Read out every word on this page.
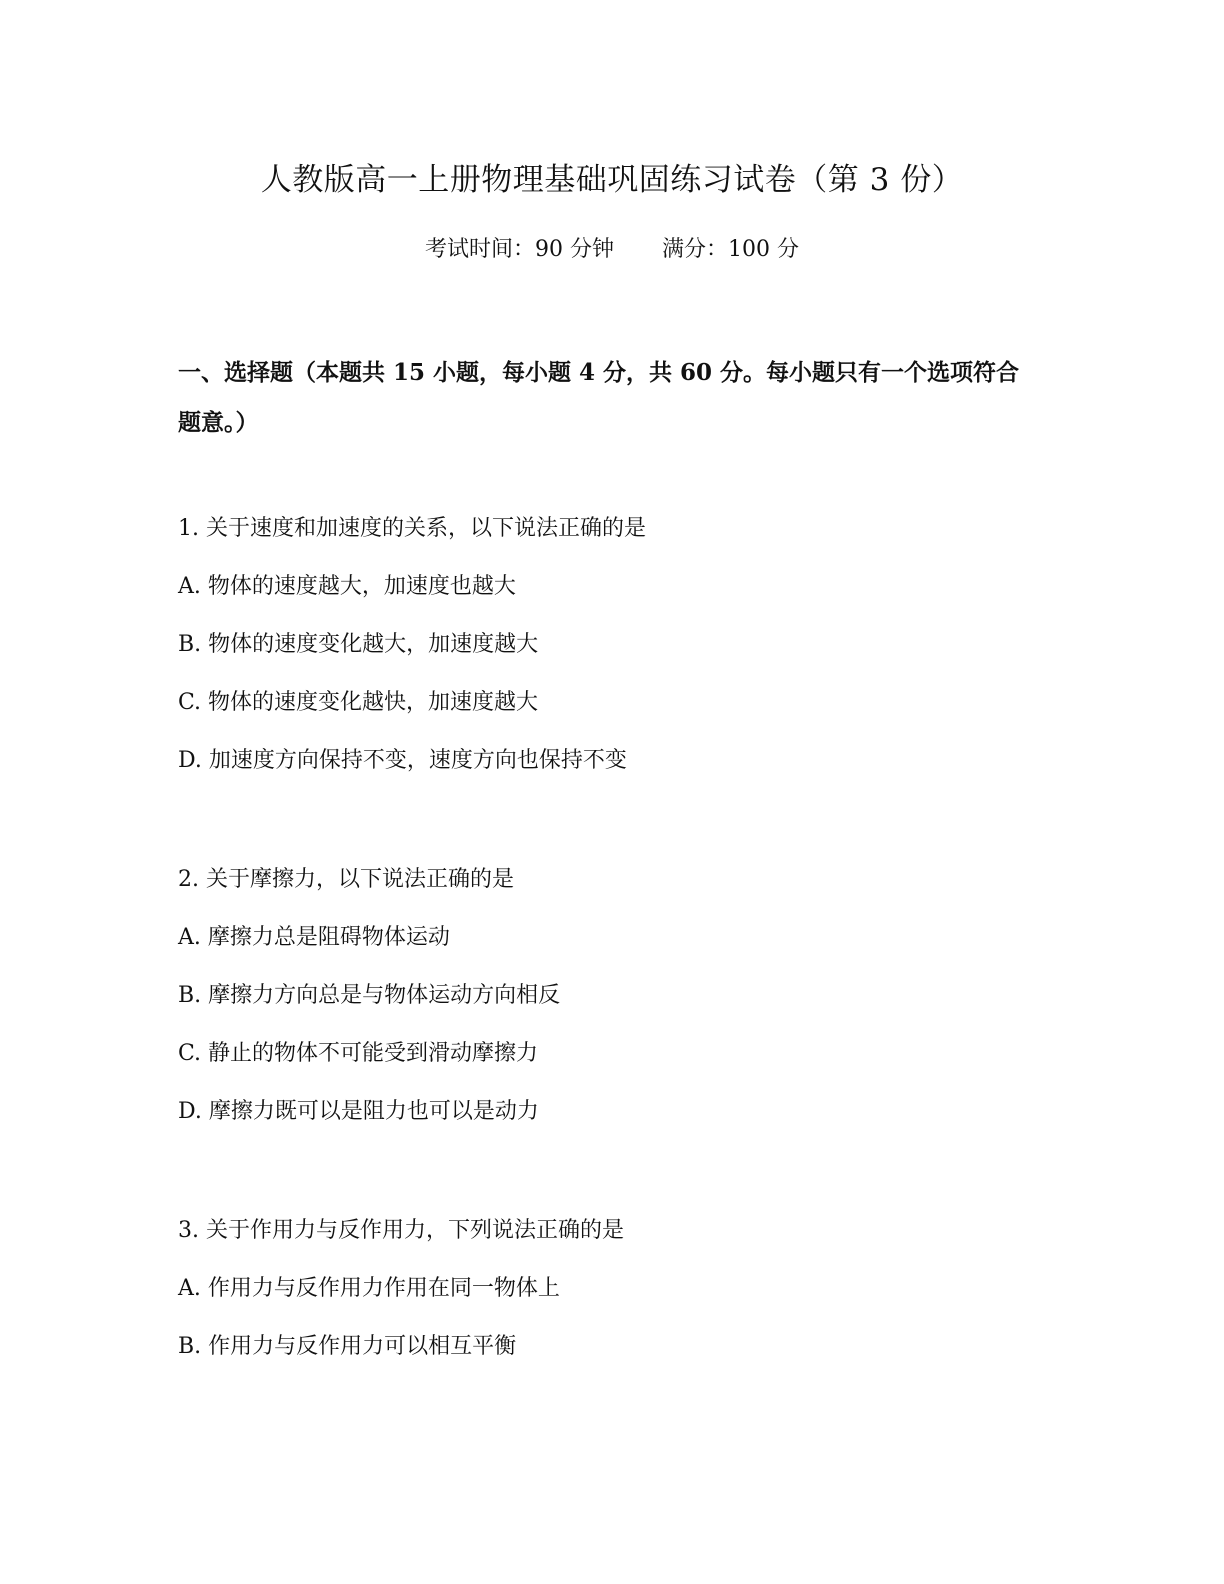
人教版高一上册物理基础巩固练习试卷（第 3 份）
考试时间：90 分钟 满分：100 分
一、选择题（本题共 15 小题，每小题 4 分，共 60 分。每小题只有一个选项符合题意。）
1. 关于速度和加速度的关系，以下说法正确的是
A. 物体的速度越大，加速度也越大
B. 物体的速度变化越大，加速度越大
C. 物体的速度变化越快，加速度越大
D. 加速度方向保持不变，速度方向也保持不变
2. 关于摩擦力，以下说法正确的是
A. 摩擦力总是阻碍物体运动
B. 摩擦力方向总是与物体运动方向相反
C. 静止的物体不可能受到滑动摩擦力
D. 摩擦力既可以是阻力也可以是动力
3. 关于作用力与反作用力，下列说法正确的是
A. 作用力与反作用力作用在同一物体上
B. 作用力与反作用力可以相互平衡
